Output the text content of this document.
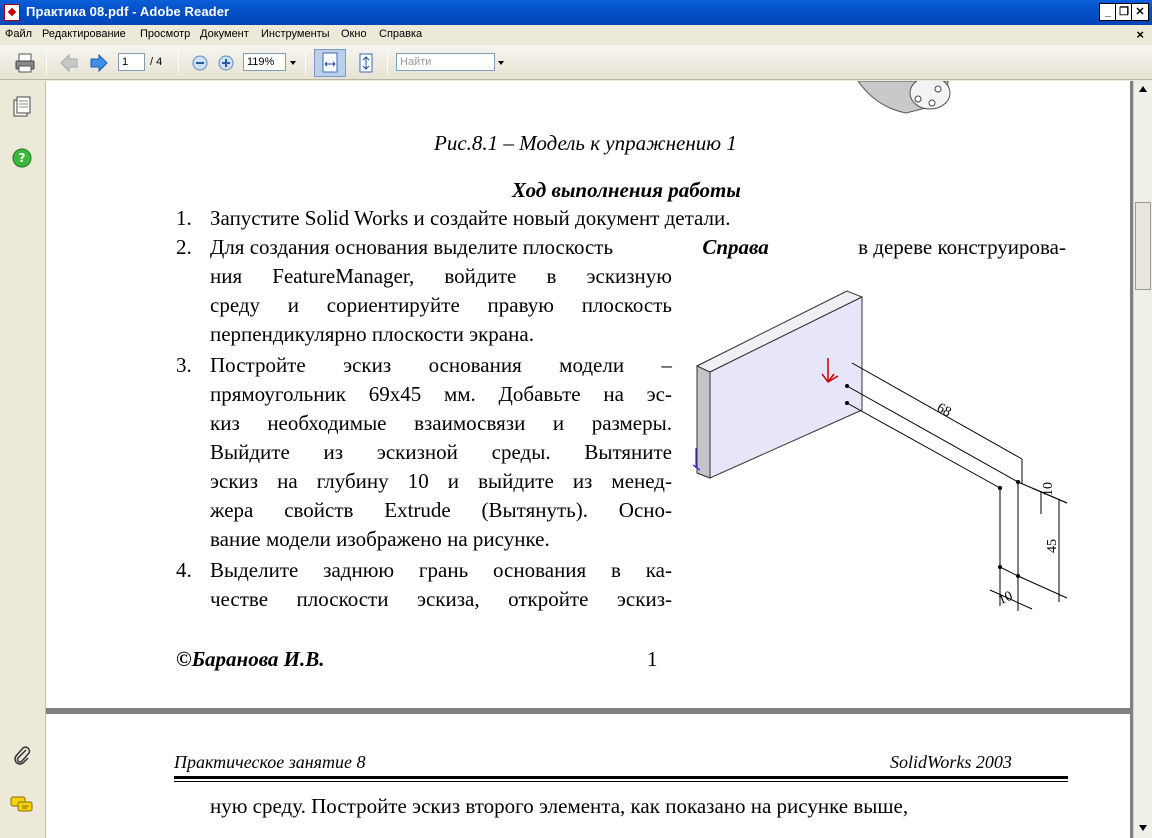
Практика 08.pdf - Adobe Reader	_ ❐ ✕
Файл Редактирование Просмотр Документ Инструменты Окно Справка	×
1	/ 4	119%	Найти
?
Рис.8.1 – Модель к упражнению 1
Ход выполнения работы
1. Запустите Solid Works и создайте новый документ детали.
2. Для создания основания выделите плоскость	Справа	в дереве конструирова-
ния FeatureManager, войдите в эскизную
среду и сориентируйте правую плоскость
перпендикулярно плоскости экрана.
3. Постройте эскиз основания модели –
прямоугольник 69х45 мм. Добавьте на эс-
киз необходимые взаимосвязи и размеры.
Выйдите из эскизной среды. Вытяните
эскиз на глубину 10 и выйдите из менед-
жера свойств Extrude (Вытянуть). Осно-
вание модели изображено на рисунке.
4. Выделите заднюю грань основания в ка-
честве плоскости эскиза, откройте эскиз-
68
10
45
10
©Баранова И.В.	1
Практическое занятие 8	SolidWorks 2003
ную среду. Постройте эскиз второго элемента, как показано на рисунке выше,
